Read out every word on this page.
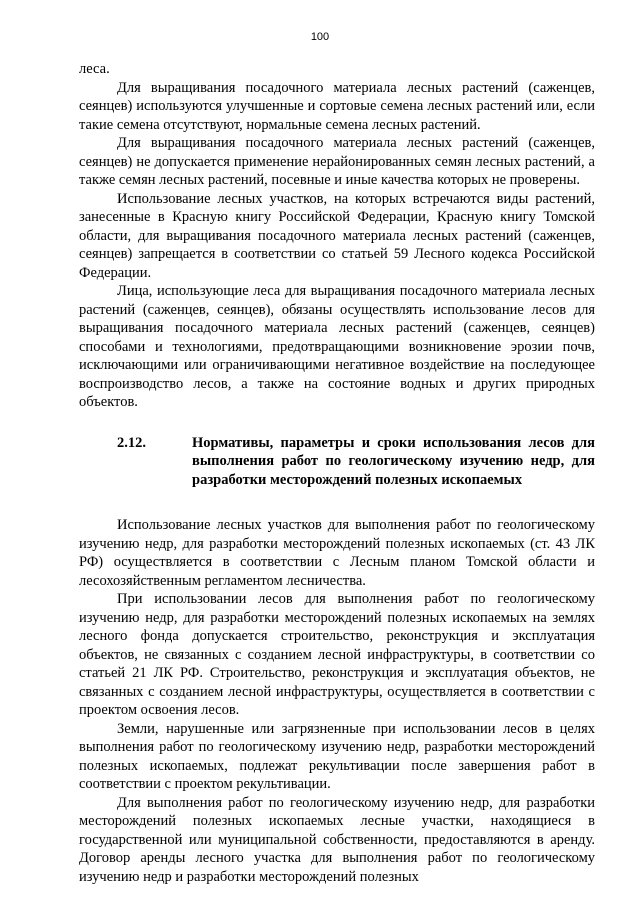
100

леса.

Для выращивания посадочного материала лесных растений (саженцев, сеянцев) используются улучшенные и сортовые семена лесных растений или, если такие семена отсутствуют, нормальные семена лесных растений.

Для выращивания посадочного материала лесных растений (саженцев, сеянцев) не допускается применение нерайонированных семян лесных растений, а также семян лесных растений, посевные и иные качества которых не проверены.

Использование лесных участков, на которых встречаются виды растений, занесенные в Красную книгу Российской Федерации, Красную книгу Томской области, для выращивания посадочного материала лесных растений (саженцев, сеянцев) запрещается в соответствии со статьей 59 Лесного кодекса Российской Федерации.

Лица, использующие леса для выращивания посадочного материала лесных растений (саженцев, сеянцев), обязаны осуществлять использование лесов для выращивания посадочного материала лесных растений (саженцев, сеянцев) способами и технологиями, предотвращающими возникновение эрозии почв, исключающими или ограничивающими негативное воздействие на последующее воспроизводство лесов, а также на состояние водных и других природных объектов.

2.12.	Нормативы, параметры и сроки использования лесов для выполнения работ по геологическому изучению недр, для разработки месторождений полезных ископаемых

Использование лесных участков для выполнения работ по геологическому изучению недр, для разработки месторождений полезных ископаемых (ст. 43 ЛК РФ) осуществляется в соответствии с Лесным планом Томской области и лесохозяйственным регламентом лесничества.

При использовании лесов для выполнения работ по геологическому изучению недр, для разработки месторождений полезных ископаемых на землях лесного фонда допускается строительство, реконструкция и эксплуатация объектов, не связанных с созданием лесной инфраструктуры, в соответствии со статьей 21 ЛК РФ. Строительство, реконструкция и эксплуатация объектов, не связанных с созданием лесной инфраструктуры, осуществляется в соответствии с проектом освоения лесов.

Земли, нарушенные или загрязненные при использовании лесов в целях выполнения работ по геологическому изучению недр, разработки месторождений полезных ископаемых, подлежат рекультивации после завершения работ в соответствии с проектом рекультивации.

Для выполнения работ по геологическому изучению недр, для разработки месторождений полезных ископаемых лесные участки, находящиеся в государственной или муниципальной собственности, предоставляются в аренду. Договор аренды лесного участка для выполнения работ по геологическому изучению недр и разработки месторождений полезных
